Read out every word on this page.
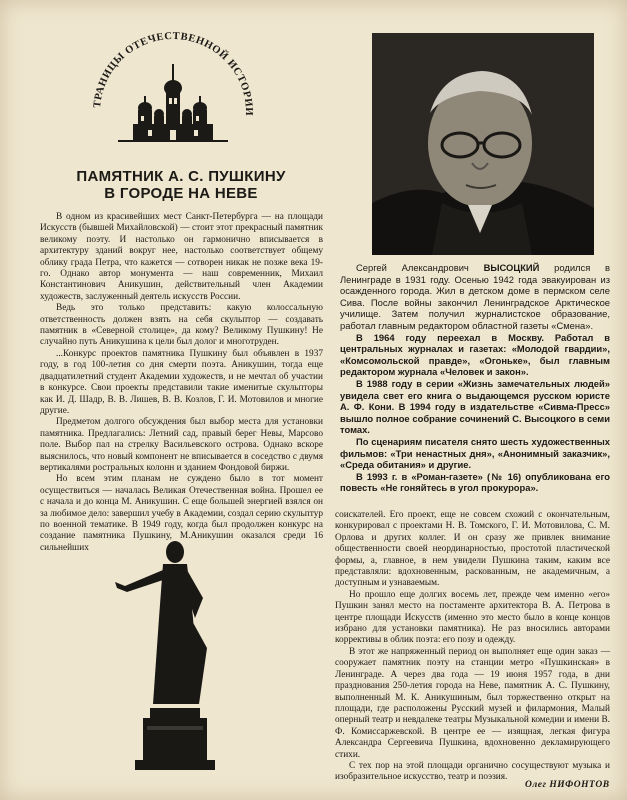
ТРАНИЦЫ ОТЕЧЕСТВЕННОЙ ИСТОРИИ
ПАМЯТНИК А. С. ПУШКИНУ
В ГОРОДЕ НА НЕВЕ

В одном из красивейших мест Санкт-Петербурга — на площади Искусств (бывшей Михайловской) — стоит этот прекрасный памятник великому поэту. И настолько он гармонично вписывается в архитектуру зданий вокруг нее, настолько соответствует общему облику града Петра, что кажется — сотворен никак не позже века 19-го. Однако автор монумента — наш современник, Михаил Константинович Аникушин, действительный член Академии художеств, заслуженный деятель искусств России.

Ведь это только представить: какую колоссальную ответственность должен взять на себя скульптор — создавать памятник в «Северной столице», да кому? Великому Пушкину! Не случайно путь Аникушина к цели был долог и многотруден.

...Конкурс проектов памятника Пушкину был объявлен в 1937 году, в год 100-летия со дня смерти поэта. Аникушин, тогда еще двадцатилетний студент Академии художеств, и не мечтал об участии в конкурсе. Свои проекты представили такие именитые скульпторы как И. Д. Шадр, В. В. Лишев, В. В. Козлов, Г. И. Мотовилов и многие другие.

Предметом долгого обсуждения был выбор места для установки памятника. Предлагались: Летний сад, правый берег Невы, Марсово поле. Выбор пал на стрелку Васильевского острова. Однако вскоре выяснилось, что новый компонент не вписывается в соседство с двумя вертикалями ростральных колонн и зданием Фондовой биржи.

Но всем этим планам не суждено было в тот момент осуществиться — началась Великая Отечественная война. Прошел ее с начала и до конца М. Аникушин. С еще большей энергией взялся он за любимое дело: завершил учебу в Академии, создал серию скульптур по военной тематике. В 1949 году, когда был продолжен конкурс на создание памятника Пушкину, М.Аникушин оказался среди 16 сильнейших

Сергей Александрович ВЫСОЦКИЙ родился в Ленинграде в 1931 году. Осенью 1942 года эвакуирован из осажденного города. Жил в детском доме в пермском селе Сива. После войны закончил Ленинградское Арктическое училище. Затем получил журналистское образование, работал главным редактором областной газеты «Смена».

В 1964 году переехал в Москву. Работал в центральных журналах и газетах: «Молодой гвардии», «Комсомольской правде», «Огоньке», был главным редактором журнала «Человек и закон».

В 1988 году в серии «Жизнь замечательных людей» увидела свет его книга о выдающемся русском юристе А. Ф. Кони. В 1994 году в издательстве «Сивма-Пресс» вышло полное собрание сочинений С. Высоцкого в семи томах.

По сценариям писателя снято шесть художественных фильмов: «Три ненастных дня», «Анонимный заказчик», «Среда обитания» и другие.

В 1993 г. в «Роман-газете» (№ 16) опубликована его повесть «Не гоняйтесь в угол прокурора».

соискателей. Его проект, еще не совсем схожий с окончательным, конкурировал с проектами Н. В. Томского, Г. И. Мотовилова, С. М. Орлова и других коллег. И он сразу же привлек внимание общественности своей неординарностью, простотой пластической формы, а, главное, в нем увидели Пушкина таким, каким все представляли: вдохновенным, раскованным, не академичным, а доступным и узнаваемым.

Но прошло еще долгих восемь лет, прежде чем именно «его» Пушкин занял место на постаменте архитектора В. А. Петрова в центре площади Искусств (именно это место было в конце концов избрано для установки памятника). Не раз вносились авторами коррективы в облик поэта: его позу и одежду.

В этот же напряженный период он выполняет еще один заказ — сооружает памятник поэту на станции метро «Пушкинская» в Ленинграде. А через два года — 19 июня 1957 года, в дни празднования 250-летия города на Неве, памятник А. С. Пушкину, выполненный М. К. Аникушиным, был торжественно открыт на площади, где расположены Русский музей и филармония, Малый оперный театр и невдалеке театры Музыкальной комедии и имени В. Ф. Комиссаржевской. В центре ее — изящная, легкая фигура Александра Сергеевича Пушкина, вдохновенно декламирующего стихи.

С тех пор на этой площади органично сосуществуют музыка и изобразительное искусство, театр и поэзия.

Олег НИФОНТОВ
